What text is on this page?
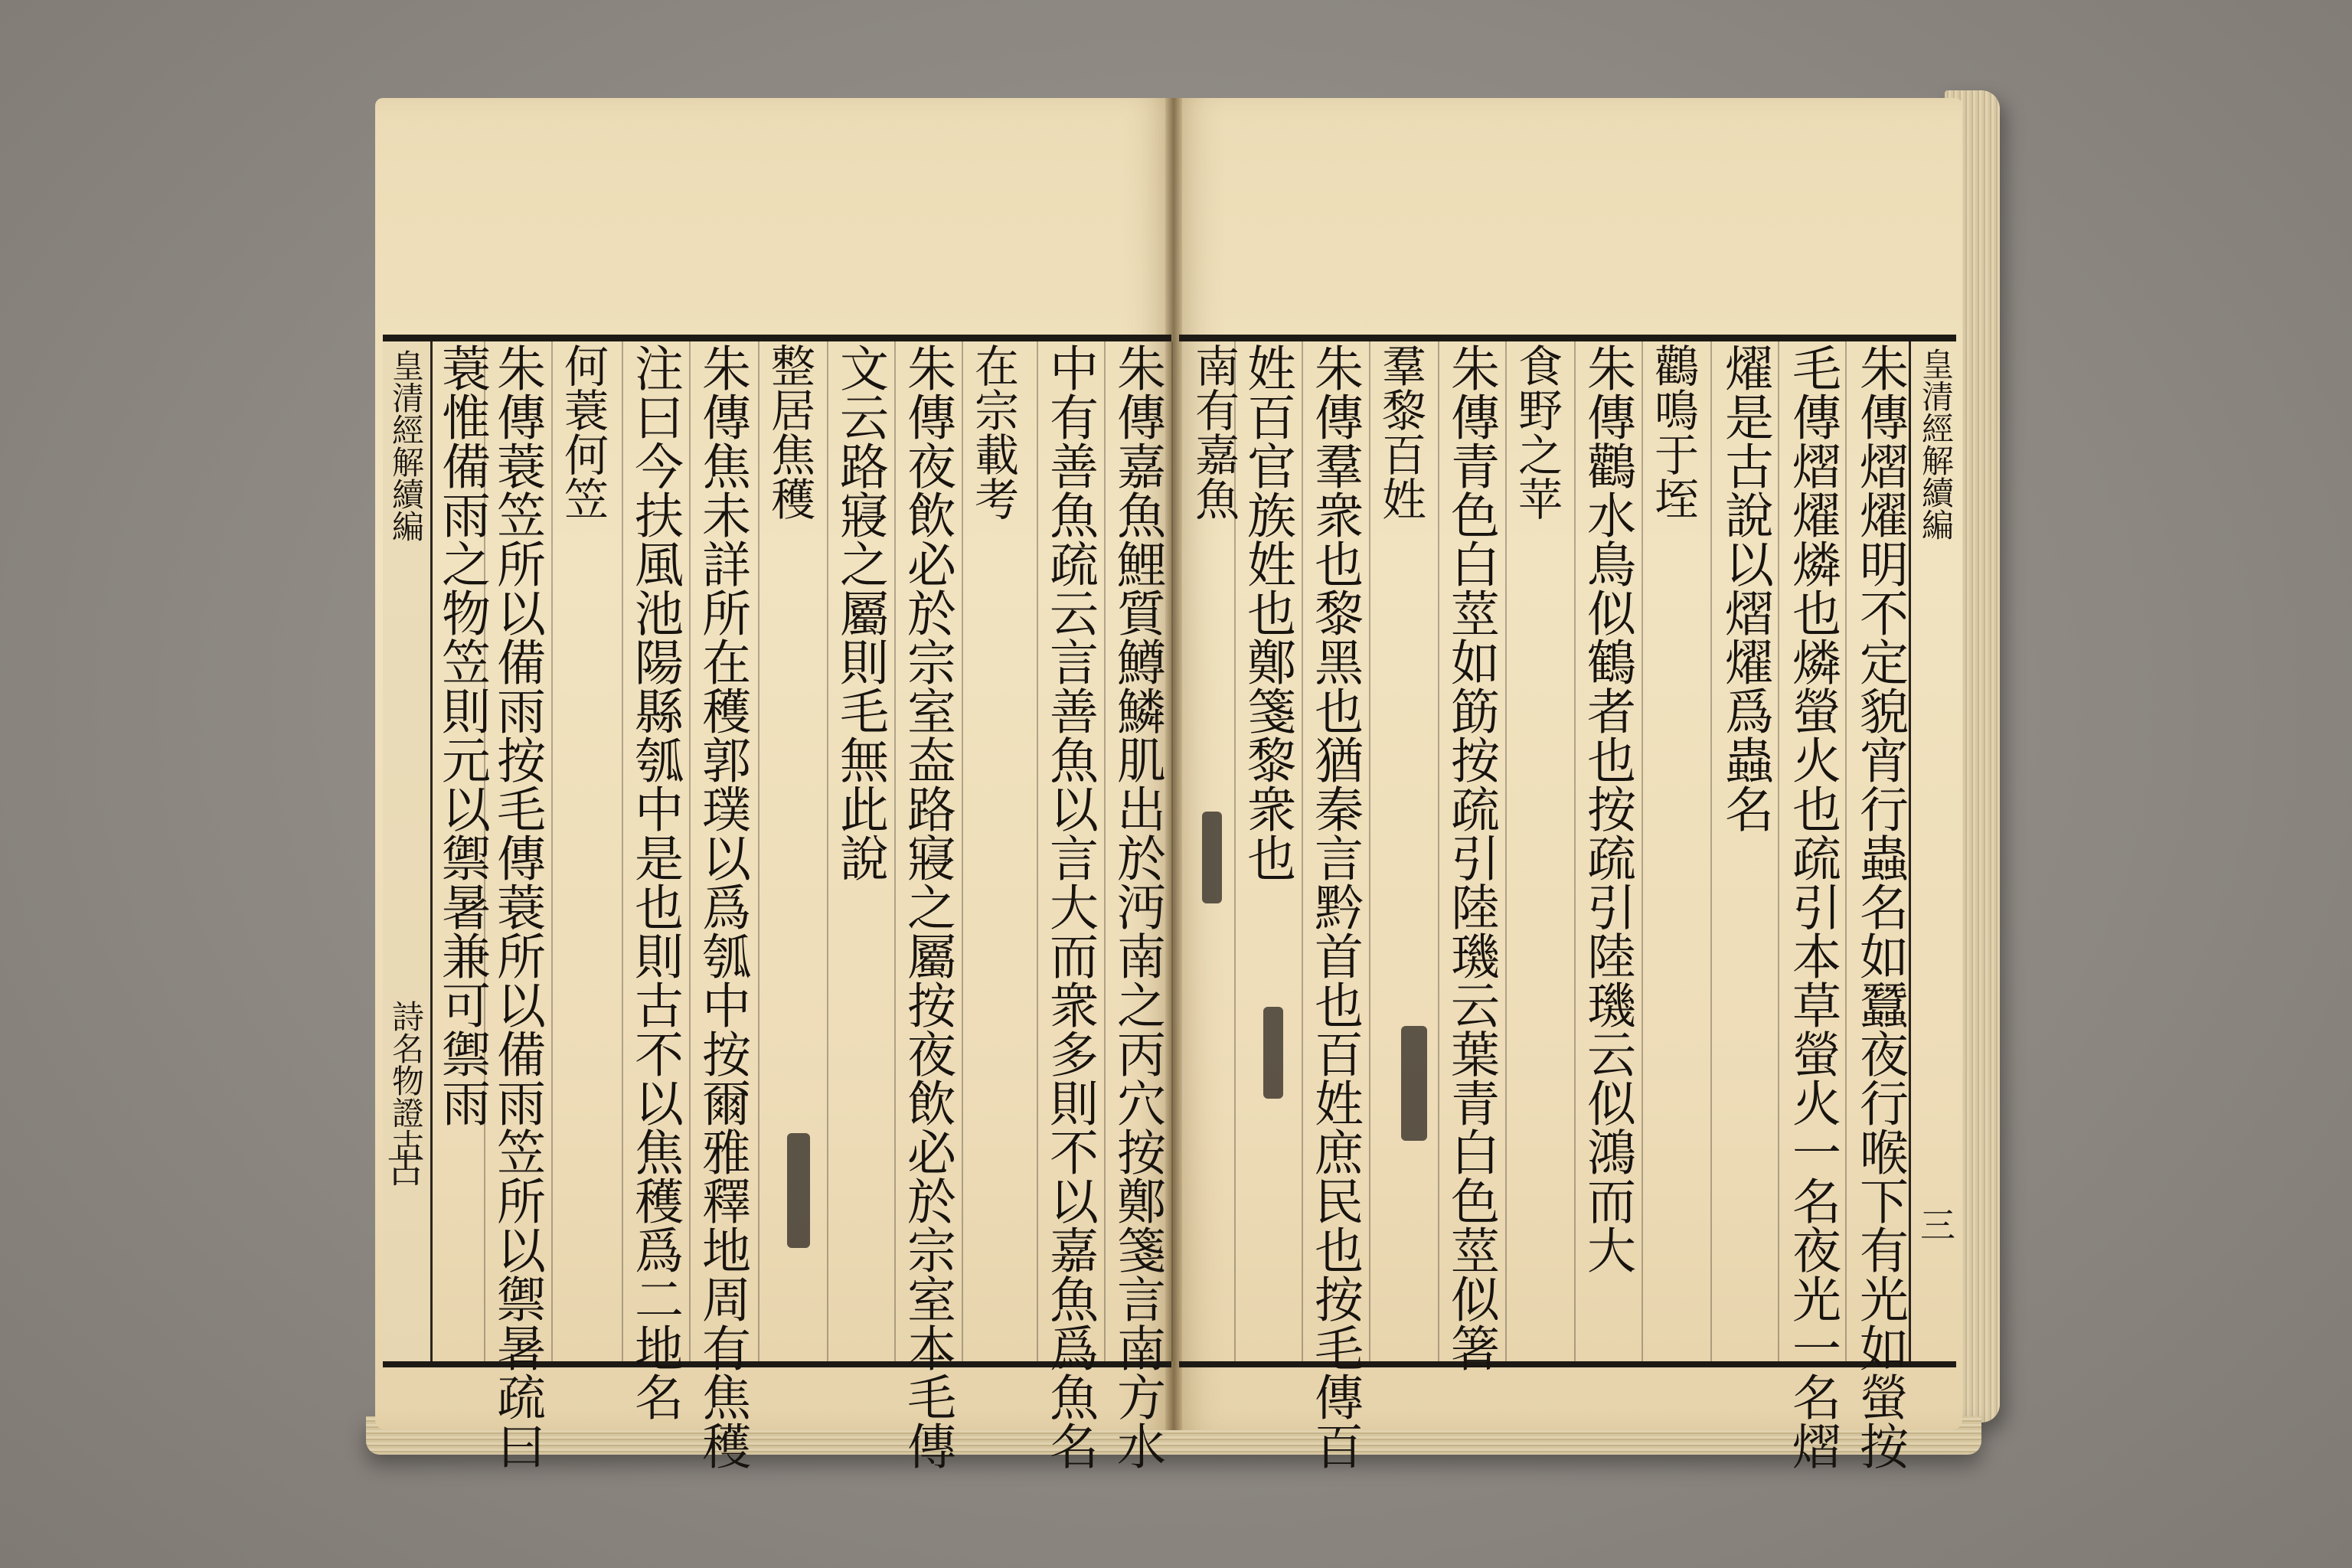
皇清經解續編
詩名物證古
古	朱傳嘉魚鯉質鱒鱗肌出於沔南之丙穴按鄭箋言南方水
中有善魚疏云言善魚以言大而衆多則不以嘉魚爲魚名
在宗載考
朱傳夜飲必於宗室盇路寢之屬按夜飲必於宗室本毛傳
文云路寢之屬則毛無此說
整居焦穫
朱傳焦未詳所在穫郭璞以爲瓠中按爾雅釋地周有焦穫
注曰今扶風池陽縣瓠中是也則古不以焦穫爲二地名
何蓑何笠
朱傳蓑笠所以備雨按毛傳蓑所以備雨笠所以禦暑疏曰
蓑惟備雨之物笠則元以禦暑兼可禦雨	皇清經解續編
三
朱傳熠燿明不定貌宵行蟲名如蠶夜行喉下有光如螢按
毛傳熠燿燐也燐螢火也疏引本草螢火一名夜光一名熠
燿是古說以熠燿爲蟲名
鸛鳴于垤
朱傳鸛水鳥似鶴者也按疏引陸璣云似鴻而大
食野之苹
朱傳青色白莖如筯按疏引陸璣云葉青白色莖似箸
羣黎百姓
朱傳羣衆也黎黑也猶秦言黔首也百姓庶民也按毛傳百
姓百官族姓也鄭箋黎衆也
南有嘉魚
